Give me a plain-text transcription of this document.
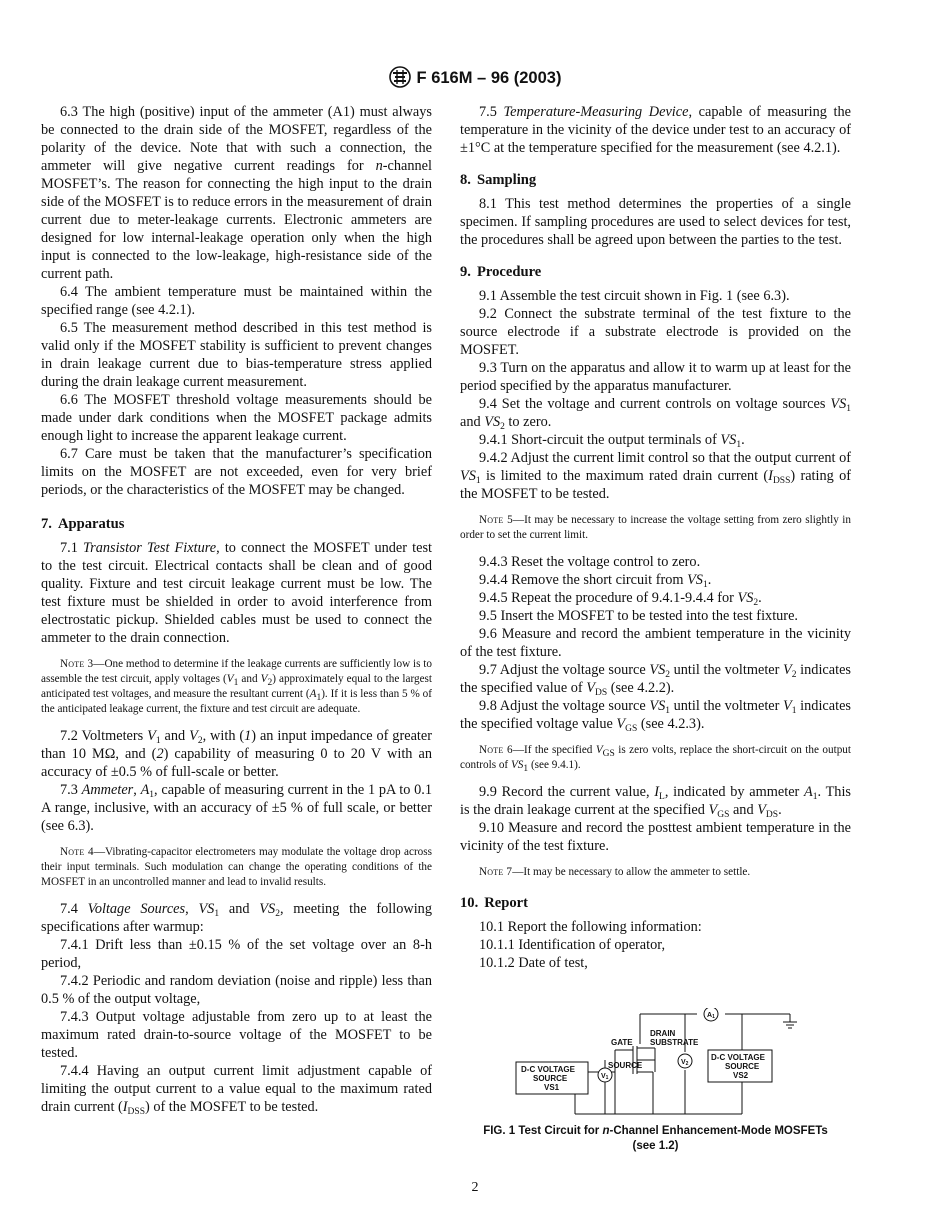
F 616M – 96 (2003)

6.3 The high (positive) input of the ammeter (A1) must always be connected to the drain side of the MOSFET, regardless of the polarity of the device. Note that with such a connection, the ammeter will give negative current readings for n-channel MOSFET’s. The reason for connecting the high input to the drain side of the MOSFET is to reduce errors in the measurement of drain current due to meter-leakage currents. Electronic ammeters are designed for low internal-leakage operation only when the high input is connected to the low-leakage, high-resistance side of the current path.

6.4 The ambient temperature must be maintained within the specified range (see 4.2.1).

6.5 The measurement method described in this test method is valid only if the MOSFET stability is sufficient to prevent changes in drain leakage current due to bias-temperature stress applied during the drain leakage current measurement.

6.6 The MOSFET threshold voltage measurements should be made under dark conditions when the MOSFET package admits enough light to increase the apparent leakage current.

6.7 Care must be taken that the manufacturer’s specification limits on the MOSFET are not exceeded, even for very brief periods, or the characteristics of the MOSFET may be changed.

7. Apparatus

7.1 Transistor Test Fixture, to connect the MOSFET under test to the test circuit. Electrical contacts shall be clean and of good quality. Fixture and test circuit leakage current must be low. The test fixture must be shielded in order to avoid interference from electrostatic pickup. Shielded cables must be used to connect the ammeter to the drain connection.

Note 3—One method to determine if the leakage currents are sufficiently low is to assemble the test circuit, apply voltages ($V_1$ and $V_2$) approximately equal to the largest anticipated test voltages, and measure the resultant current $(A_1)$. If it is less than 5 % of the anticipated leakage current, the fixture and test circuit are adequate.

7.2 Voltmeters $V_1$ and $V_2$, with (1) an input impedance of greater than 10 MΩ, and (2) capability of measuring 0 to 20 V with an accuracy of ±0.5 % of full-scale or better.

7.3 Ammeter, $A_1$, capable of measuring current in the 1 pA to 0.1 A range, inclusive, with an accuracy of ±5 % of full scale, or better (see 6.3).

Note 4—Vibrating-capacitor electrometers may modulate the voltage drop across their input terminals. Such modulation can change the operating conditions of the MOSFET in an uncontrolled manner and lead to invalid results.

7.4 Voltage Sources, $VS_1$ and $VS_2$, meeting the following specifications after warmup:

7.4.1 Drift less than ±0.15 % of the set voltage over an 8-h period,

7.4.2 Periodic and random deviation (noise and ripple) less than 0.5 % of the output voltage,

7.4.3 Output voltage adjustable from zero up to at least the maximum rated drain-to-source voltage of the MOSFET to be tested.

7.4.4 Having an output current limit adjustment capable of limiting the output current to a value equal to the maximum rated drain current $(I_{DSS})$ of the MOSFET to be tested.

7.5 Temperature-Measuring Device, capable of measuring the temperature in the vicinity of the device under test to an accuracy of ±1°C at the temperature specified for the measurement (see 4.2.1).

8. Sampling

8.1 This test method determines the properties of a single specimen. If sampling procedures are used to select devices for test, the procedures shall be agreed upon between the parties to the test.

9. Procedure

9.1 Assemble the test circuit shown in Fig. 1 (see 6.3).

9.2 Connect the substrate terminal of the test fixture to the source electrode if a substrate electrode is provided on the MOSFET.

9.3 Turn on the apparatus and allow it to warm up at least for the period specified by the apparatus manufacturer.

9.4 Set the voltage and current controls on voltage sources $VS_1$ and $VS_2$ to zero.

9.4.1 Short-circuit the output terminals of $VS_1$.

9.4.2 Adjust the current limit control so that the output current of $VS_1$ is limited to the maximum rated drain current $(I_{DSS})$ rating of the MOSFET to be tested.

Note 5—It may be necessary to increase the voltage setting from zero slightly in order to set the current limit.

9.4.3 Reset the voltage control to zero.

9.4.4 Remove the short circuit from $VS_1$.

9.4.5 Repeat the procedure of 9.4.1-9.4.4 for $VS_2$.

9.5 Insert the MOSFET to be tested into the test fixture.

9.6 Measure and record the ambient temperature in the vicinity of the test fixture.

9.7 Adjust the voltage source $VS_2$ until the voltmeter $V_2$ indicates the specified value of $V_{DS}$ (see 4.2.2).

9.8 Adjust the voltage source $VS_1$ until the voltmeter $V_1$ indicates the specified voltage value $V_{GS}$ (see 4.2.3).

Note 6—If the specified $V_{GS}$ is zero volts, replace the short-circuit on the output controls of $VS_1$ (see 9.4.1).

9.9 Record the current value, $I_L$, indicated by ammeter $A_1$. This is the drain leakage current at the specified $V_{GS}$ and $V_{DS}$.

9.10 Measure and record the posttest ambient temperature in the vicinity of the test fixture.

Note 7—It may be necessary to allow the ammeter to settle.

10. Report

10.1 Report the following information:

10.1.1 Identification of operator,

10.1.2 Date of test,

DRAIN
SUBSTRATE
GATE
SOURCE
D-C VOLTAGE
SOURCE
VS1
D-C VOLTAGE
SOURCE
VS2
A1
V1
V2
FIG. 1 Test Circuit for n-Channel Enhancement-Mode MOSFETs
(see 1.2)
2
